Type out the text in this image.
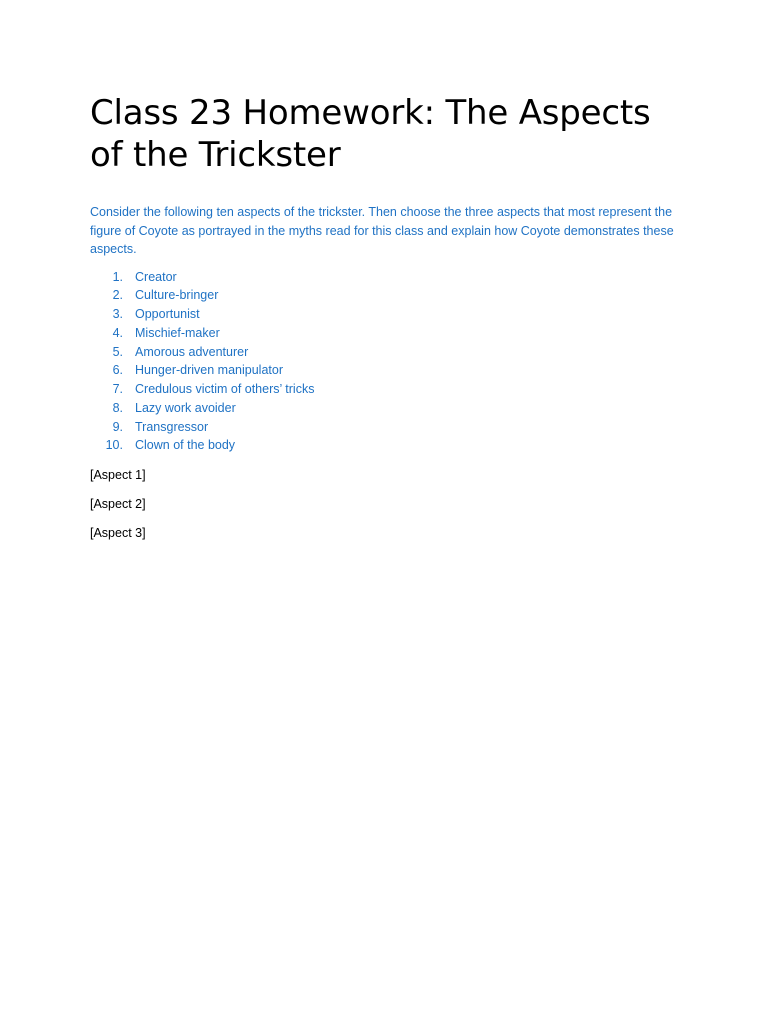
Class 23 Homework: The Aspects of the Trickster

Consider the following ten aspects of the trickster. Then choose the three aspects that most represent the figure of Coyote as portrayed in the myths read for this class and explain how Coyote demonstrates these aspects.

1. Creator
2. Culture-bringer
3. Opportunist
4. Mischief-maker
5. Amorous adventurer
6. Hunger-driven manipulator
7. Credulous victim of others’ tricks
8. Lazy work avoider
9. Transgressor
10. Clown of the body

[Aspect 1]

[Aspect 2]

[Aspect 3]
